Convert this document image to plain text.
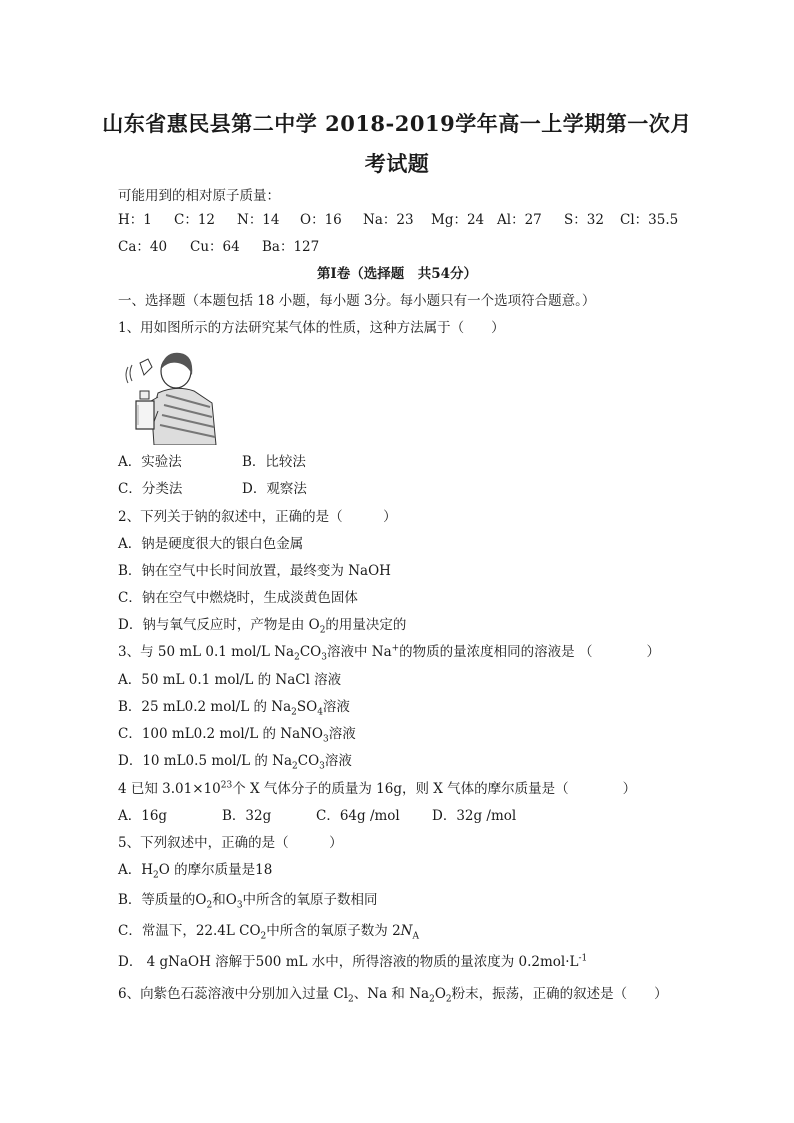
山东省惠民县第二中学 2018-2019学年高一上学期第一次月
考试题
可能用到的相对原子质量：
H：1 C：12 N：14 O：16 Na：23 Mg：24 Al：27 S：32 Cl：35.5
Ca：40 Cu：64 Ba：127
第Ⅰ卷（选择题　共54分）
一、选择题（本题包括 18 小题，每小题 3分。每小题只有一个选项符合题意。）
1、用如图所示的方法研究某气体的性质，这种方法属于（　　）
A．实验法	B．比较法
C．分类法	D．观察法
2、下列关于钠的叙述中，正确的是（　　　）
A．钠是硬度很大的银白色金属
B．钠在空气中长时间放置，最终变为 NaOH
C．钠在空气中燃烧时，生成淡黄色固体
D．钠与氧气反应时，产物是由 $O_2$的用量决定的
3、与 50 mL 0.1 mol/L $Na_2CO_3$溶液中 Na+的物质的量浓度相同的溶液是 （　　　　）
A．50 mL 0.1 mol/L 的 NaCl 溶液
B．25 mL0.2 mol/L 的 $Na_2SO_4$溶液
C．100 mL0.2 mol/L 的 NaNO$_3$溶液
D．10 mL0.5 mol/L 的 $Na_2CO_3$溶液
4 已知 $3.01\times 10^{23}$个 X 气体分子的质量为 16g，则 X 气体的摩尔质量是（　　　　）
A．16g	B．32g	C．64g /mol D．32g /mol
5、下列叙述中，正确的是（　　　）
A．$H_2O$ 的摩尔质量是18
B．等质量的$O_2$和$O_3$中所含的氧原子数相同
C．常温下，22.4L $CO_2$中所含的氧原子数为 $2N_A$
D． 4 gNaOH 溶解于500 mL 水中，所得溶液的物质的量浓度为 $0.2mol\cdot L^{-1}$
6、向紫色石蕊溶液中分别加入过量 $Cl_2$、Na 和 $Na_2O_2$粉末，振荡，正确的叙述是（　　）
